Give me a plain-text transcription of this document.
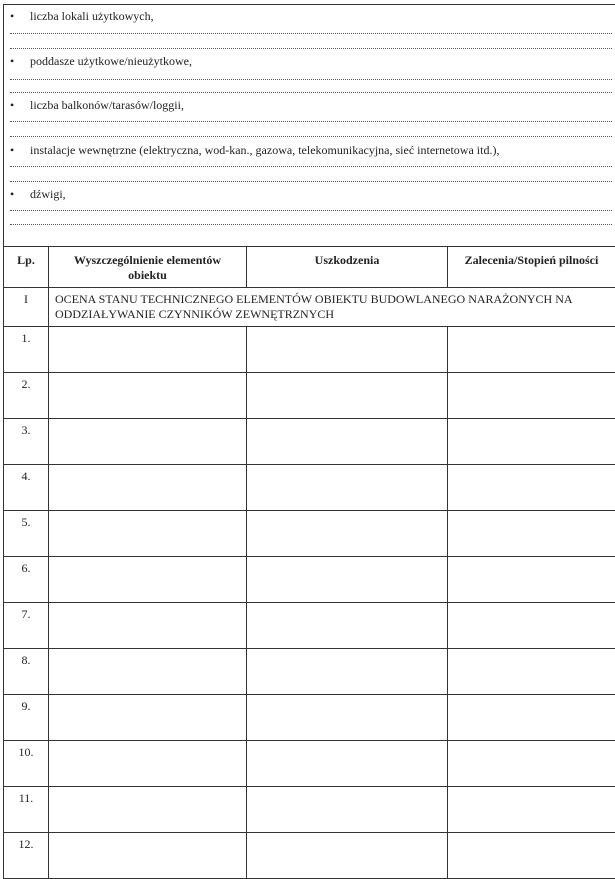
• liczba lokali użytkowych,
• poddasze użytkowe/nieużytkowe,
• liczba balkonów/tarasów/loggii,
• instalacje wewnętrzne (elektryczna, wod-kan., gazowa, telekomunikacyjna, sieć internetowa itd.),
• dźwigi,
Lp.	Wyszczególnienie elementów obiektu	Uszkodzenia	Zalecenia/Stopień pilności
I	OCENA STANU TECHNICZNEGO ELEMENTÓW OBIEKTU BUDOWLANEGO NARAŻONYCH NA ODDZIAŁYWANIE CZYNNIKÓW ZEWNĘTRZNYCH		
1.			
2.			
3.			
4.			
5.			
6.			
7.			
8.			
9.			
10.			
11.			
12.			
